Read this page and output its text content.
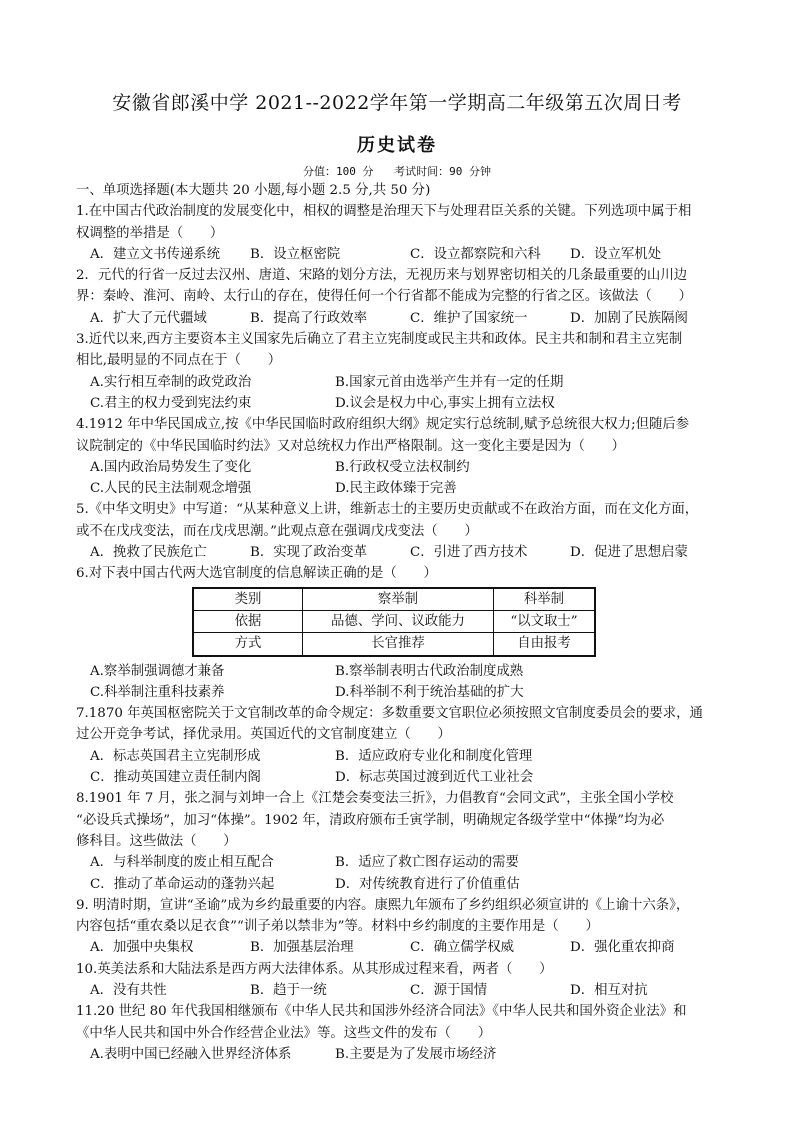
安徽省郎溪中学 2021--2022学年第一学期高二年级第五次周日考
历史试卷
分值：100 分 考试时间：90 分钟
一、单项选择题(本大题共 20 小题,每小题 2.5 分,共 50 分)
1.在中国古代政治制度的发展变化中，相权的调整是治理天下与处理君臣关系的关键。下列选项中属于相
权调整的举措是（　　）
A．建立文书传递系统	B．设立枢密院	C．设立都察院和六科	D．设立军机处
2．元代的行省一反过去汉州、唐道、宋路的划分方法，无视历来与划界密切相关的几条最重要的山川边
界：秦岭、淮河、南岭、太行山的存在，使得任何一个行省都不能成为完整的行省之区。该做法（　　）
A．扩大了元代疆域	B．提高了行政效率	C．维护了国家统一	D．加剧了民族隔阂
3.近代以来,西方主要资本主义国家先后确立了君主立宪制度或民主共和政体。民主共和制和君主立宪制
相比,最明显的不同点在于（　　）
A.实行相互牵制的政党政治	B.国家元首由选举产生并有一定的任期
C.君主的权力受到宪法约束	D.议会是权力中心,事实上拥有立法权
4.1912 年中华民国成立,按《中华民国临时政府组织大纲》规定实行总统制,赋予总统很大权力;但随后参
议院制定的《中华民国临时约法》又对总统权力作出严格限制。这一变化主要是因为（　　）
A.国内政治局势发生了变化	B.行政权受立法权制约
C.人民的民主法制观念增强	D.民主政体臻于完善
5.《中华文明史》中写道：“从某种意义上讲，维新志士的主要历史贡献或不在政治方面，而在文化方面，
或不在戊戌变法，而在戊戌思潮。”此观点意在强调戊戌变法（　　）
A．挽救了民族危亡	B．实现了政治变革	C．引进了西方技术	D．促进了思想启蒙
6.对下表中国古代两大选官制度的信息解读正确的是（　　）
类别	察举制	科举制
依据	品德、学问、议政能力	“以文取士”
方式	长官推荐	自由报考
A.察举制强调德才兼备	B.察举制表明古代政治制度成熟
C.科举制注重科技素养	D.科举制不利于统治基础的扩大
7.1870 年英国枢密院关于文官制改革的命令规定：多数重要文官职位必须按照文官制度委员会的要求，通
过公开竞争考试，择优录用。英国近代的文官制度建立（　　）
A．标志英国君主立宪制形成	B．适应政府专业化和制度化管理
C．推动英国建立责任制内阁	D．标志英国过渡到近代工业社会
8.1901 年 7 月，张之洞与刘坤一合上《江楚会奏变法三折》，力倡教育“会同文武”，主张全国小学校
“必设兵式操场”，加习“体操”。1902 年，清政府颁布壬寅学制，明确规定各级学堂中“体操”均为必
修科目。这些做法（　　）
A．与科举制度的废止相互配合	B．适应了救亡图存运动的需要
C．推动了革命运动的蓬勃兴起	D．对传统教育进行了价值重估
9. 明清时期，宣讲“圣谕”成为乡约最重要的内容。康熙九年颁布了乡约组织必须宣讲的《上谕十六条》，
内容包括“重农桑以足衣食”“训子弟以禁非为”等。材料中乡约制度的主要作用是（　　）
A．加强中央集权	B．加强基层治理	C．确立儒学权威	D．强化重农抑商
10.英美法系和大陆法系是西方两大法律体系。从其形成过程来看，两者（　　）
A．没有共性	B．趋于一统	C．源于国情	D．相互对抗
11.20 世纪 80 年代我国相继颁布《中华人民共和国涉外经济合同法》《中华人民共和国外资企业法》和
《中华人民共和国中外合作经营企业法》等。这些文件的发布（　　）
A.表明中国已经融入世界经济体系	B.主要是为了发展市场经济
